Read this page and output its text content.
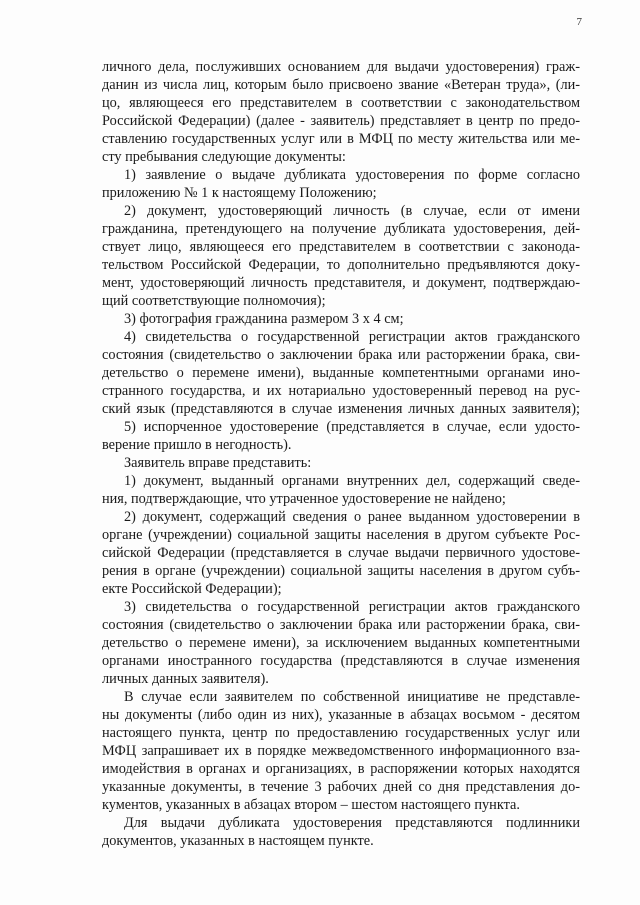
7
личного дела, послуживших основанием для выдачи удостоверения) граж-
данин из числа лиц, которым было присвоено звание «Ветеран труда», (ли-
цо, являющееся его представителем в соответствии с законодательством
Российской Федерации) (далее - заявитель) представляет в центр по предо-
ставлению государственных услуг или в МФЦ по месту жительства или ме-
сту пребывания следующие документы:
1) заявление о выдаче дубликата удостоверения по форме согласно
приложению № 1 к настоящему Положению;
2) документ, удостоверяющий личность (в случае, если от имени
гражданина, претендующего на получение дубликата удостоверения, дей-
ствует лицо, являющееся его представителем в соответствии с законода-
тельством Российской Федерации, то дополнительно предъявляются доку-
мент, удостоверяющий личность представителя, и документ, подтверждаю-
щий соответствующие полномочия);
3) фотография гражданина размером 3 х 4 см;
4) свидетельства о государственной регистрации актов гражданского
состояния (свидетельство о заключении брака или расторжении брака, сви-
детельство о перемене имени), выданные компетентными органами ино-
странного государства, и их нотариально удостоверенный перевод на рус-
ский язык (представляются в случае изменения личных данных заявителя);
5) испорченное удостоверение (представляется в случае, если удосто-
верение пришло в негодность).
Заявитель вправе представить:
1) документ, выданный органами внутренних дел, содержащий сведе-
ния, подтверждающие, что утраченное удостоверение не найдено;
2) документ, содержащий сведения о ранее выданном удостоверении в
органе (учреждении) социальной защиты населения в другом субъекте Рос-
сийской Федерации (представляется в случае выдачи первичного удостове-
рения в органе (учреждении) социальной защиты населения в другом субъ-
екте Российской Федерации);
3) свидетельства о государственной регистрации актов гражданского
состояния (свидетельство о заключении брака или расторжении брака, сви-
детельство о перемене имени), за исключением выданных компетентными
органами иностранного государства (представляются в случае изменения
личных данных заявителя).
В случае если заявителем по собственной инициативе не представле-
ны документы (либо один из них), указанные в абзацах восьмом - десятом
настоящего пункта, центр по предоставлению государственных услуг или
МФЦ запрашивает их в порядке межведомственного информационного вза-
имодействия в органах и организациях, в распоряжении которых находятся
указанные документы, в течение 3 рабочих дней со дня представления до-
кументов, указанных в абзацах втором – шестом настоящего пункта.
Для выдачи дубликата удостоверения представляются подлинники
документов, указанных в настоящем пункте.
